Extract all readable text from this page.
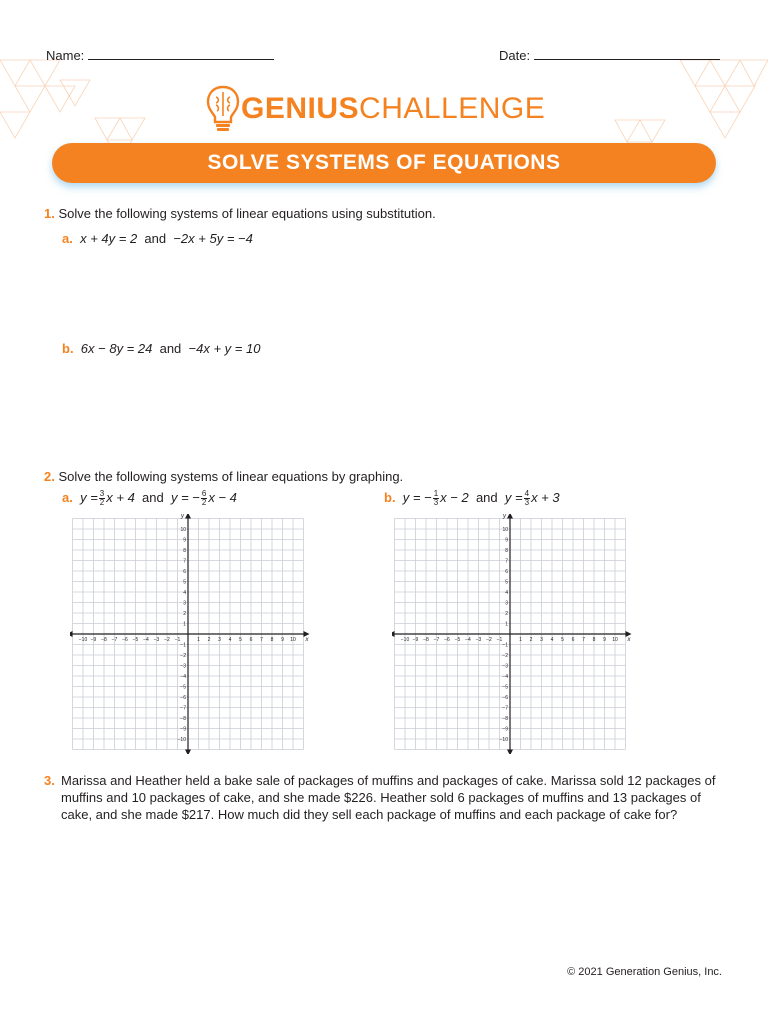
Name:	Date:
GENIUSCHALLENGE
SOLVE SYSTEMS OF EQUATIONS
1. Solve the following systems of linear equations using substitution.
a. x + 4y = 2 and −2x + 5y = −4
b. 6x − 8y = 24 and −4x + y = 10
2. Solve the following systems of linear equations by graphing.
a. $y = \frac{3}{2}$ x + 4 and y = − $\frac{6}{2}$ x − 4	b. y = − $\frac{1}{3}$ x − 2 and $y = \frac{4}{3}$ x + 3
x
y
−10 −9 −8 −7 −6 −5 −4 −3 −2 −1	1 2 3 4 5 6 7 8 9 10
10
9
8
7
6
5
4
3
2
1
−1
−2
−3
−4
−5
−6
−7
−8
−9
−10
x
y
−10 −9 −8 −7 −6 −5 −4 −3 −2 −1	1 2 3 4 5 6 7 8 9 10
10
9
8
7
6
5
4
3
2
1
−1
−2
−3
−4
−5
−6
−7
−8
−9
−10
3. Marissa and Heather held a bake sale of packages of muffins and packages of cake. Marissa sold 12 packages of muffins and 10 packages of cake, and she made $226. Heather sold 6 packages of muffins and 13 packages of cake, and she made $217. How much did they sell each package of muffins and each package of cake for?
© 2021 Generation Genius, Inc.
